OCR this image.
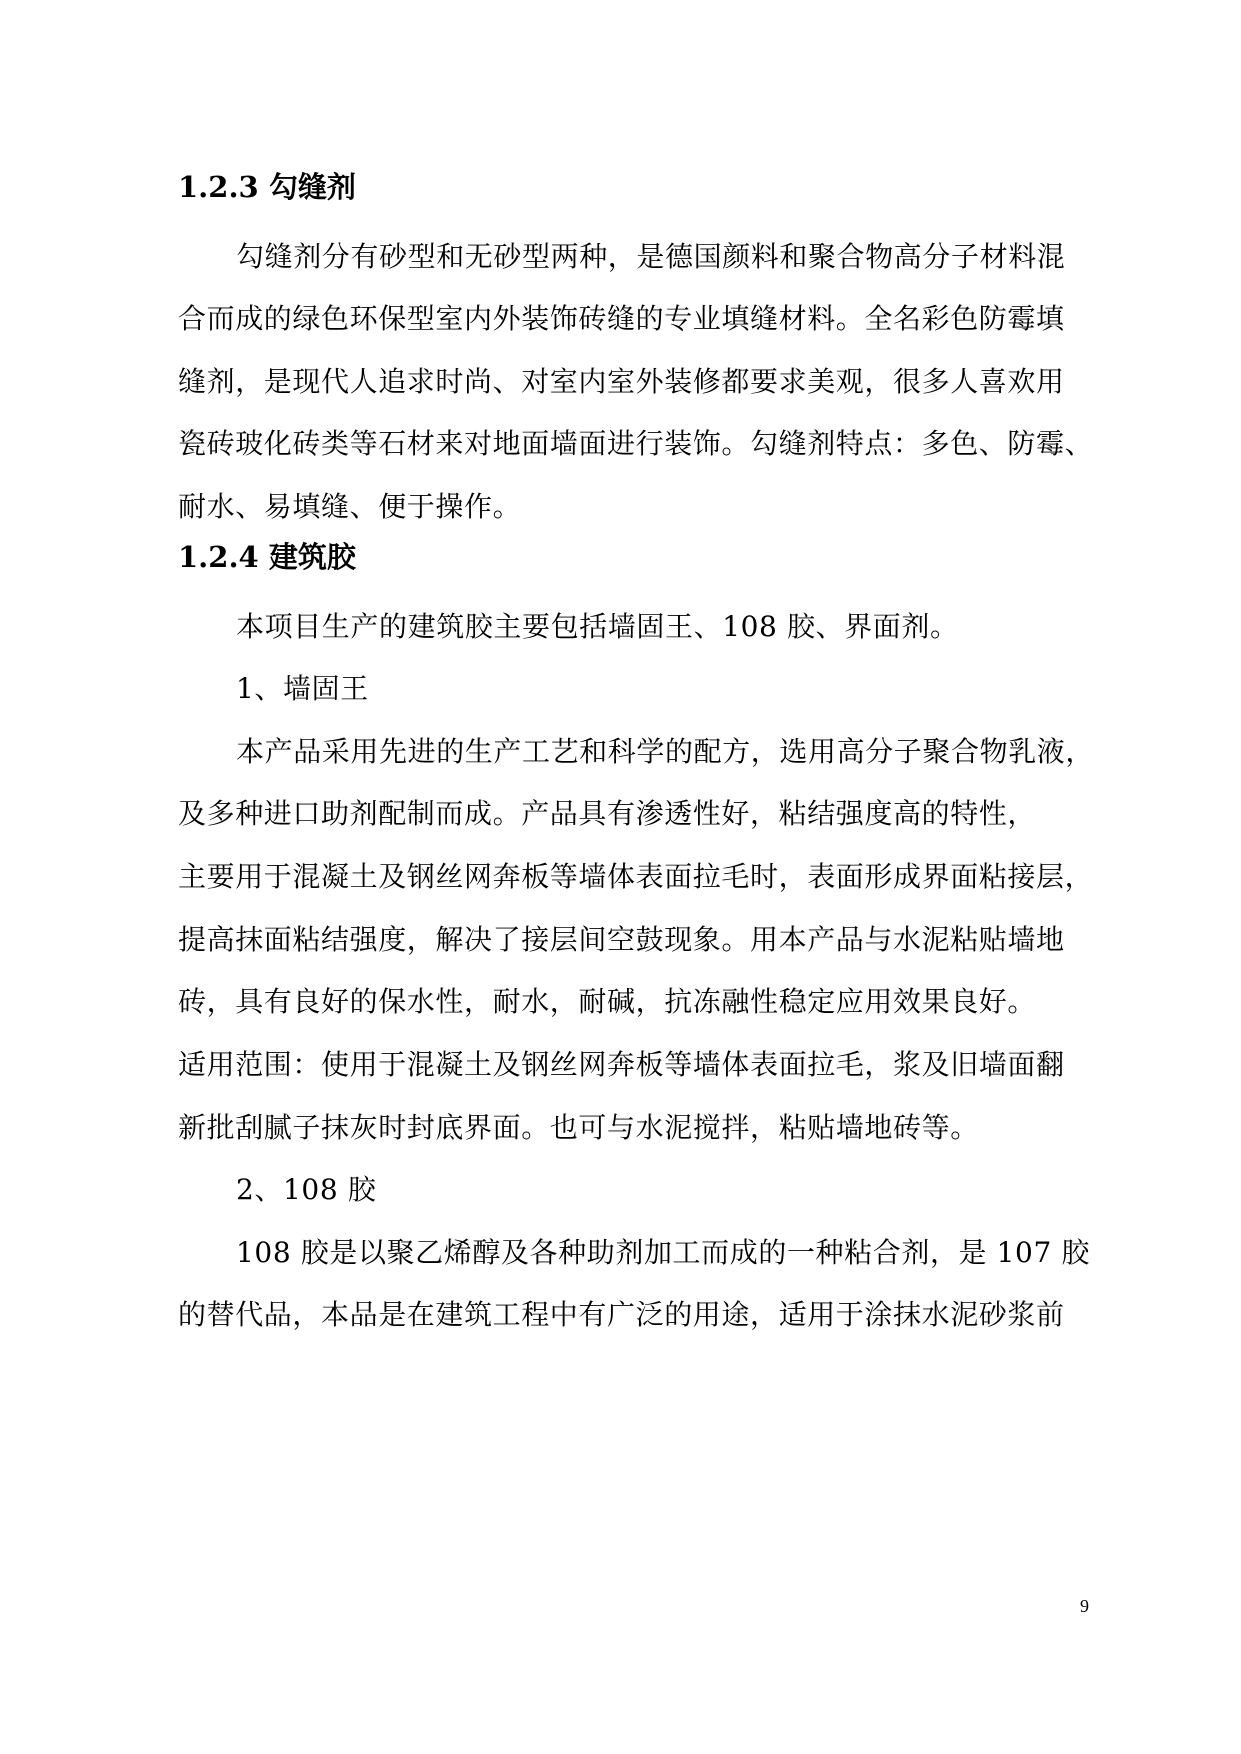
1.2.3 勾缝剂
勾缝剂分有砂型和无砂型两种，是德国颜料和聚合物高分子材料混
合而成的绿色环保型室内外装饰砖缝的专业填缝材料。全名彩色防霉填
缝剂，是现代人追求时尚、对室内室外装修都要求美观，很多人喜欢用
瓷砖玻化砖类等石材来对地面墙面进行装饰。勾缝剂特点：多色、防霉、
耐水、易填缝、便于操作。
1.2.4 建筑胶
本项目生产的建筑胶主要包括墙固王、108 胶、界面剂。
1、墙固王
本产品采用先进的生产工艺和科学的配方，选用高分子聚合物乳液，
及多种进口助剂配制而成。产品具有渗透性好，粘结强度高的特性，
主要用于混凝土及钢丝网奔板等墙体表面拉毛时，表面形成界面粘接层，
提高抹面粘结强度，解决了接层间空鼓现象。用本产品与水泥粘贴墙地
砖，具有良好的保水性，耐水，耐碱，抗冻融性稳定应用效果良好。
适用范围：使用于混凝土及钢丝网奔板等墙体表面拉毛，浆及旧墙面翻
新批刮腻子抹灰时封底界面。也可与水泥搅拌，粘贴墙地砖等。
2、108 胶
108 胶是以聚乙烯醇及各种助剂加工而成的一种粘合剂，是 107 胶
的替代品，本品是在建筑工程中有广泛的用途，适用于涂抹水泥砂浆前
9
